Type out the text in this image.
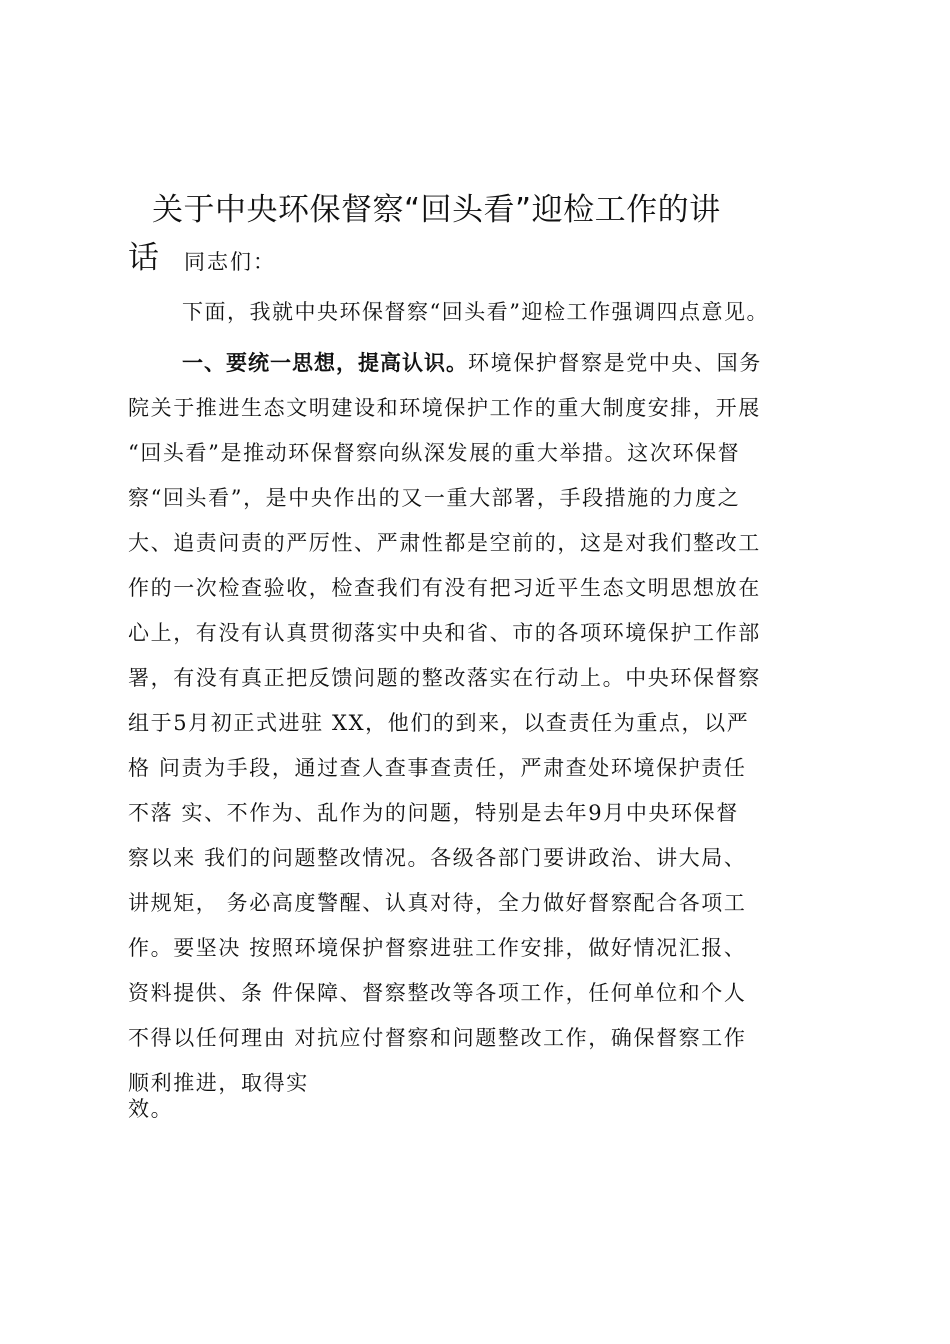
关于中央环保督察“回头看”迎检工作的讲
话 同志们：
下面，我就中央环保督察“回头看”迎检工作强调四点意见。
一、要统一思想，提高认识。环境保护督察是党中央、国务
院关于推进生态文明建设和环境保护工作的重大制度安排，开展
“回头看”是推动环保督察向纵深发展的重大举措。这次环保督
察“回头看”，是中央作出的又一重大部署，手段措施的力度之
大、追责问责的严厉性、严肃性都是空前的，这是对我们整改工
作的一次检查验收，检查我们有没有把习近平生态文明思想放在
心上，有没有认真贯彻落实中央和省、市的各项环境保护工作部
署，有没有真正把反馈问题的整改落实在行动上。中央环保督察
组于5月初正式进驻 XX，他们的到来，以查责任为重点，以严
格 问责为手段，通过查人查事查责任，严肃查处环境保护责任
不落 实、不作为、乱作为的问题，特别是去年9月中央环保督
察以来 我们的问题整改情况。各级各部门要讲政治、讲大局、
讲规矩， 务必高度警醒、认真对待，全力做好督察配合各项工
作。要坚决 按照环境保护督察进驻工作安排，做好情况汇报、
资料提供、条 件保障、督察整改等各项工作，任何单位和个人
不得以任何理由 对抗应付督察和问题整改工作，确保督察工作
顺利推进，取得实
效。
